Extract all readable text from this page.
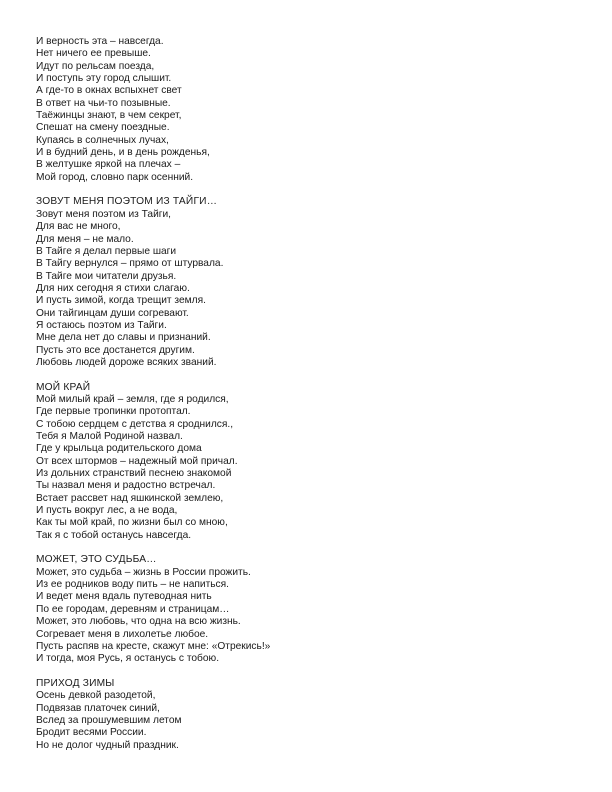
И верность эта – навсегда.
Нет ничего ее превыше.
Идут по рельсам поезда,
И поступь эту город слышит.
А где-то в окнах вспыхнет свет
В ответ на чьи-то позывные.
Таёжинцы знают, в чем секрет,
Спешат на смену поездные.
Купаясь в солнечных лучах,
И в будний день, и в день рожденья,
В желтушке яркой на плечах –
Мой город, словно парк осенний.
ЗОВУТ МЕНЯ ПОЭТОМ ИЗ ТАЙГИ…
Зовут меня поэтом из Тайги,
Для вас не много,
Для меня – не мало.
В Тайге я делал первые шаги
В Тайгу вернулся – прямо от штурвала.
В Тайге мои читатели друзья.
Для них сегодня я стихи слагаю.
И пусть зимой, когда трещит земля.
Они тайгинцам души согревают.
Я остаюсь поэтом из Тайги.
Мне дела нет до славы и признаний.
Пусть это все достанется другим.
Любовь людей дороже всяких званий.
МОЙ КРАЙ
Мой милый край – земля, где я родился,
Где первые тропинки протоптал.
С тобою сердцем с детства я сроднился.,
Тебя я Малой Родиной назвал.
Где у крыльца родительского дома
От всех штормов – надежный мой причал.
Из дольних странствий песнею знакомой
Ты назвал меня и радостно встречал.
Встает рассвет над яшкинской землею,
И пусть вокруг лес, а не вода,
Как ты мой край, по жизни был со мною,
Так я с тобой останусь навсегда.
МОЖЕТ, ЭТО СУДЬБА…
Может, это судьба – жизнь в России прожить.
Из ее родников воду пить – не напиться.
И ведет меня вдаль путеводная нить
По ее городам, деревням и страницам…
Может, это любовь, что одна на всю жизнь.
Согревает меня в лихолетье любое.
Пусть распяв на кресте, скажут мне: «Отрекись!»
И тогда, моя Русь, я останусь с тобою.
ПРИХОД ЗИМЫ
Осень девкой разодетой,
Подвязав платочек синий,
Вслед за прошумевшим летом
Бродит весями России.
Но не долог чудный праздник.
